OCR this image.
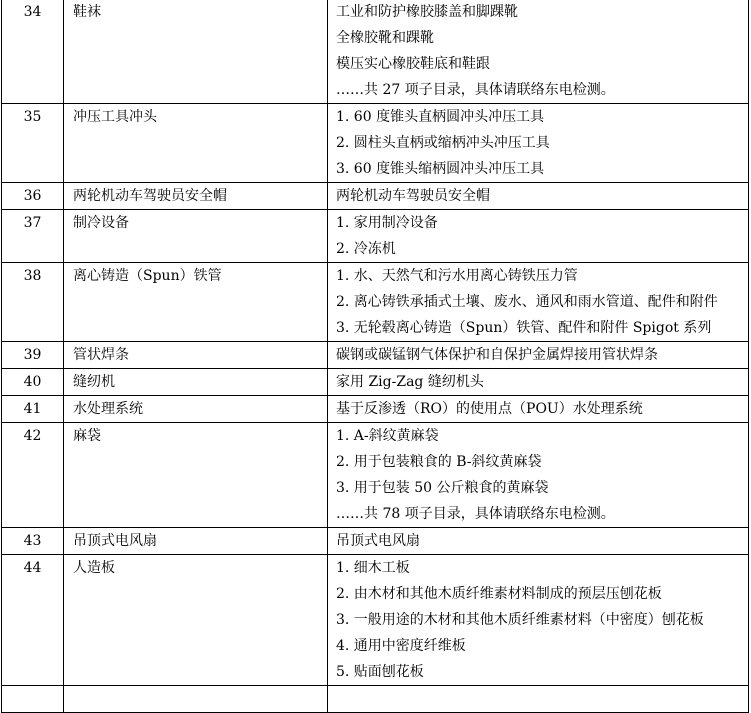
34	鞋袜	工业和防护橡胶膝盖和脚踝靴
全橡胶靴和踝靴
模压实心橡胶鞋底和鞋跟
……共 27 项子目录，具体请联络东电检测。

35	冲压工具冲头	1. 60 度锥头直柄圆冲头冲压工具
2. 圆柱头直柄或缩柄冲头冲压工具
3. 60 度锥头缩柄圆冲头冲压工具

36	两轮机动车驾驶员安全帽	两轮机动车驾驶员安全帽

37	制冷设备	1. 家用制冷设备
2. 冷冻机

38	离心铸造（Spun）铁管	1. 水、天然气和污水用离心铸铁压力管
2. 离心铸铁承插式土壤、废水、通风和雨水管道、配件和附件
3. 无轮毂离心铸造（Spun）铁管、配件和附件 Spigot 系列

39	管状焊条	碳钢或碳锰钢气体保护和自保护金属焊接用管状焊条

40	缝纫机	家用 Zig-Zag 缝纫机头

41	水处理系统	基于反渗透（RO）的使用点（POU）水处理系统

42	麻袋	1. A-斜纹黄麻袋
2. 用于包装粮食的 B-斜纹黄麻袋
3. 用于包装 50 公斤粮食的黄麻袋
……共 78 项子目录，具体请联络东电检测。

43	吊顶式电风扇	吊顶式电风扇

44	人造板	1. 细木工板
2. 由木材和其他木质纤维素材料制成的预层压刨花板
3. 一般用途的木材和其他木质纤维素材料（中密度）刨花板
4. 通用中密度纤维板
5. 贴面刨花板
